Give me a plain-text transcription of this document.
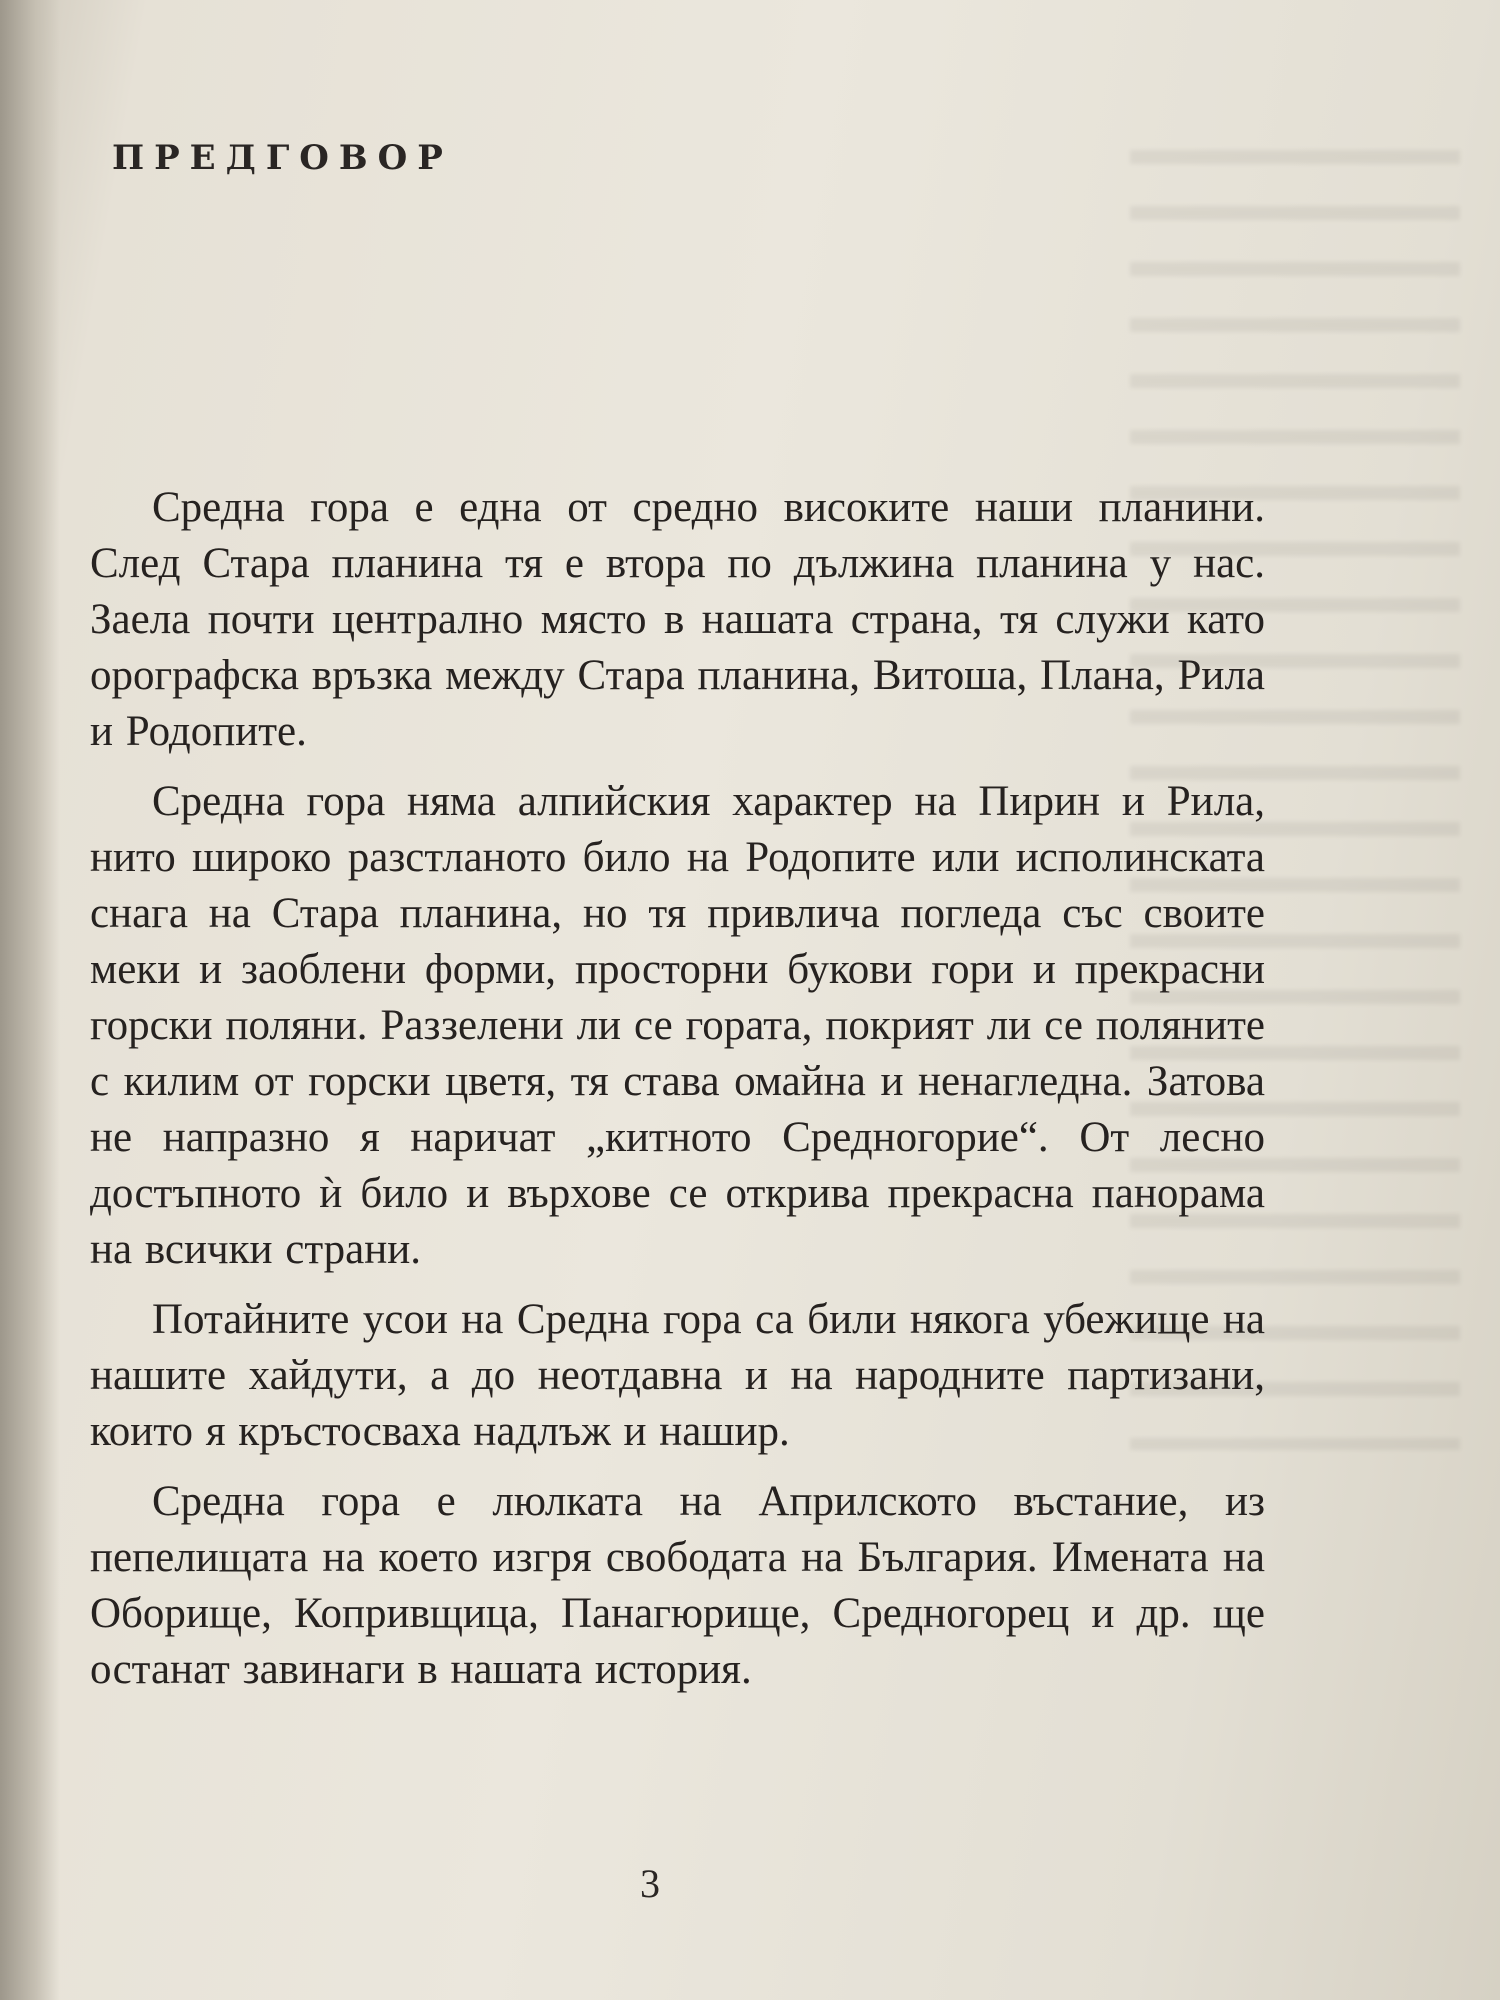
ПРЕДГОВОР

Средна гора е една от средно високите наши планини. След Стара планина тя е втора по дължина планина у нас. Заела почти централно място в нашата страна, тя служи като орографска връзка между Стара планина, Витоша, Плана, Рила и Родопите.

Средна гора няма алпийския характер на Пирин и Рила, нито широко разстланото било на Родопите или исполинската снага на Стара планина, но тя привлича погледа със своите меки и заоблени форми, просторни букови гори и прекрасни горски поляни. Раззелени ли се гората, покрият ли се поляните с килим от горски цветя, тя става омайна и ненагледна. Затова не напразно я наричат „китното Средногорие“. От лесно достъпното ѝ било и върхове се открива прекрасна панорама на всички страни.

Потайните усои на Средна гора са били някога убежище на нашите хайдути, а до неотдавна и на народните партизани, които я кръстосваха надлъж и нашир.

Средна гора е люлката на Априлското въстание, из пепелищата на което изгря свободата на България. Имената на Оборище, Копривщица, Панагюрище, Средногорец и др. ще останат завинаги в нашата история.

3
